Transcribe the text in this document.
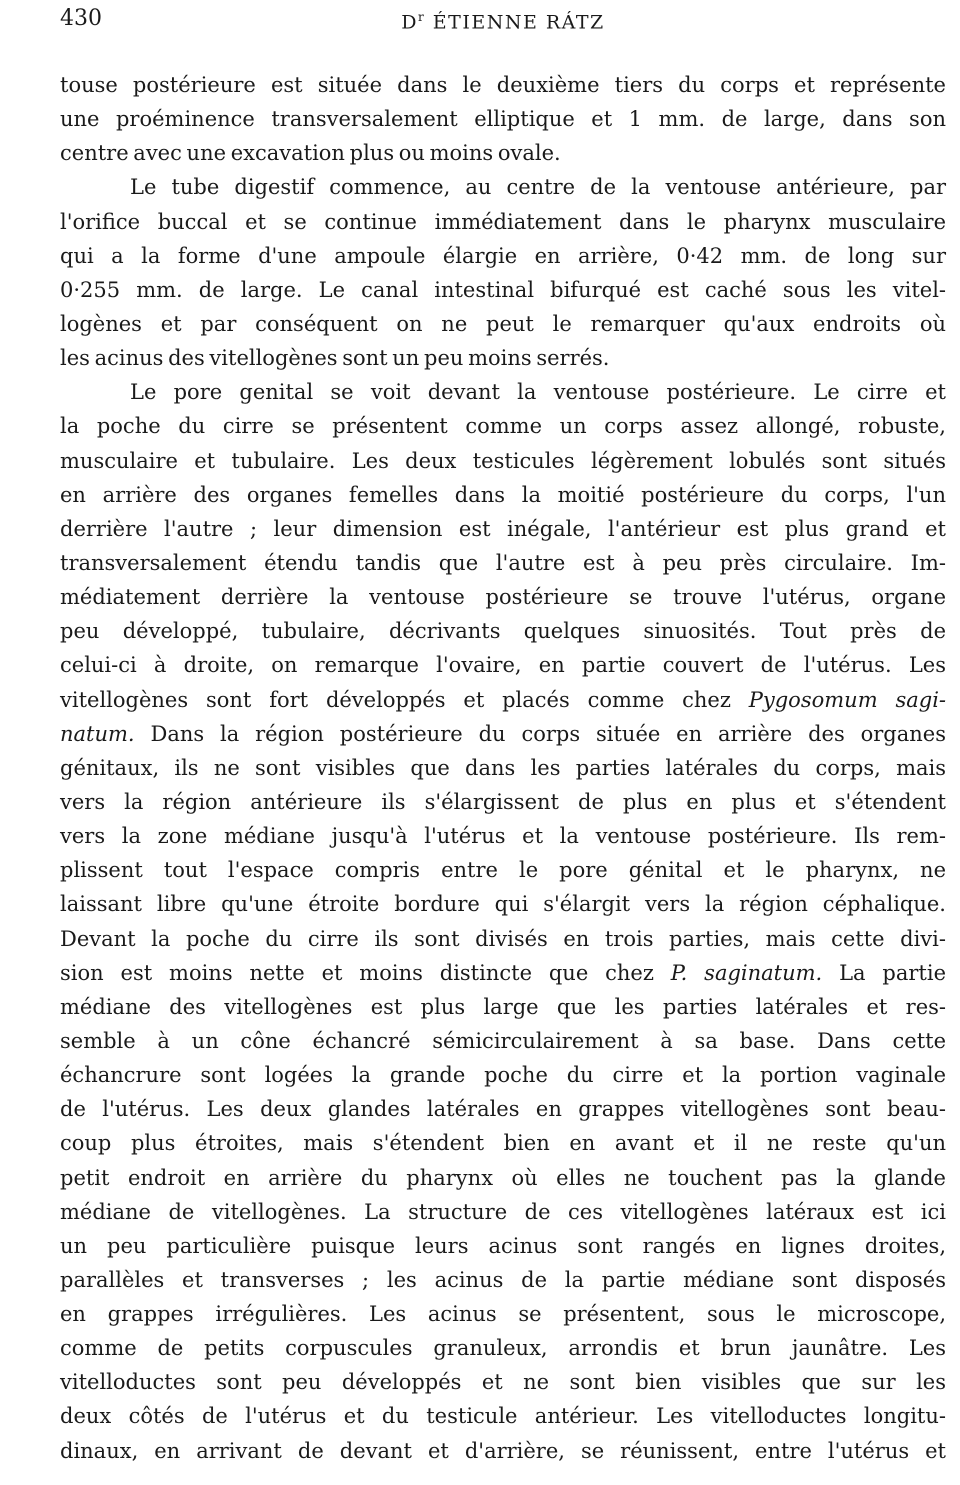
430	$D^r$ ÉTIENNE RÁTZ
touse postérieure est située dans le deuxième tiers du corps et représente
une proéminence transversalement elliptique et 1 mm. de large, dans son
centre avec une excavation plus ou moins ovale.
Le tube digestif commence, au centre de la ventouse antérieure, par
l'orifice buccal et se continue immédiatement dans le pharynx musculaire
qui a la forme d'une ampoule élargie en arrière, 0·42 mm. de long sur
0·255 mm. de large. Le canal intestinal bifurqué est caché sous les vitel-
logènes et par conséquent on ne peut le remarquer qu'aux endroits où
les acinus des vitellogènes sont un peu moins serrés.
Le pore genital se voit devant la ventouse postérieure. Le cirre et
la poche du cirre se présentent comme un corps assez allongé, robuste,
musculaire et tubulaire. Les deux testicules légèrement lobulés sont situés
en arrière des organes femelles dans la moitié postérieure du corps, l'un
derrière l'autre ; leur dimension est inégale, l'antérieur est plus grand et
transversalement étendu tandis que l'autre est à peu près circulaire. Im-
médiatement derrière la ventouse postérieure se trouve l'utérus, organe
peu développé, tubulaire, décrivants quelques sinuosités. Tout près de
celui-ci à droite, on remarque l'ovaire, en partie couvert de l'utérus. Les
vitellogènes sont fort développés et placés comme chez Pygosomum sagi-
natum. Dans la région postérieure du corps située en arrière des organes
génitaux, ils ne sont visibles que dans les parties latérales du corps, mais
vers la région antérieure ils s'élargissent de plus en plus et s'étendent
vers la zone médiane jusqu'à l'utérus et la ventouse postérieure. Ils rem-
plissent tout l'espace compris entre le pore génital et le pharynx, ne
laissant libre qu'une étroite bordure qui s'élargit vers la région céphalique.
Devant la poche du cirre ils sont divisés en trois parties, mais cette divi-
sion est moins nette et moins distincte que chez P. saginatum. La partie
médiane des vitellogènes est plus large que les parties latérales et res-
semble à un cône échancré sémicirculairement à sa base. Dans cette
échancrure sont logées la grande poche du cirre et la portion vaginale
de l'utérus. Les deux glandes latérales en grappes vitellogènes sont beau-
coup plus étroites, mais s'étendent bien en avant et il ne reste qu'un
petit endroit en arrière du pharynx où elles ne touchent pas la glande
médiane de vitellogènes. La structure de ces vitellogènes latéraux est ici
un peu particulière puisque leurs acinus sont rangés en lignes droites,
parallèles et transverses ; les acinus de la partie médiane sont disposés
en grappes irrégulières. Les acinus se présentent, sous le microscope,
comme de petits corpuscules granuleux, arrondis et brun jaunâtre. Les
vitelloductes sont peu développés et ne sont bien visibles que sur les
deux côtés de l'utérus et du testicule antérieur. Les vitelloductes longitu-
dinaux, en arrivant de devant et d'arrière, se réunissent, entre l'utérus et
